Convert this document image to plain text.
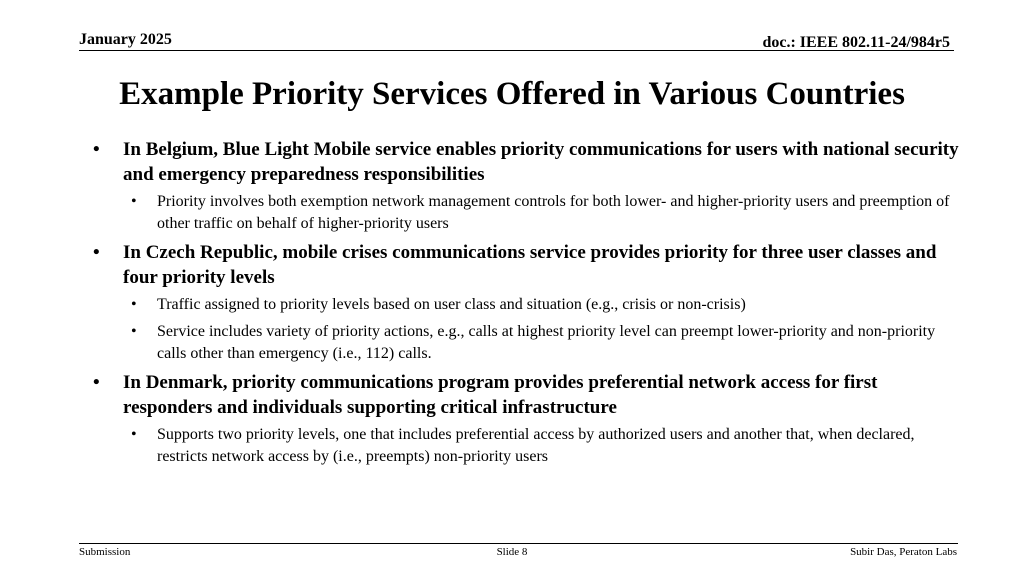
January 2025	doc.: IEEE 802.11-24/984r5
Example Priority Services Offered in Various Countries
• In Belgium, Blue Light Mobile service enables priority communications for users with national security and emergency preparedness responsibilities
• Priority involves both exemption network management controls for both lower- and higher-priority users and preemption of other traffic on behalf of higher-priority users
• In Czech Republic, mobile crises communications service provides priority for three user classes and four priority levels
• Traffic assigned to priority levels based on user class and situation (e.g., crisis or non-crisis)
• Service includes variety of priority actions, e.g., calls at highest priority level can preempt lower-priority and non-priority calls other than emergency (i.e., 112) calls.
• In Denmark, priority communications program provides preferential network access for first responders and individuals supporting critical infrastructure
• Supports two priority levels, one that includes preferential access by authorized users and another that, when declared, restricts network access by (i.e., preempts) non-priority users
Submission	Slide 8	Subir Das, Peraton Labs
